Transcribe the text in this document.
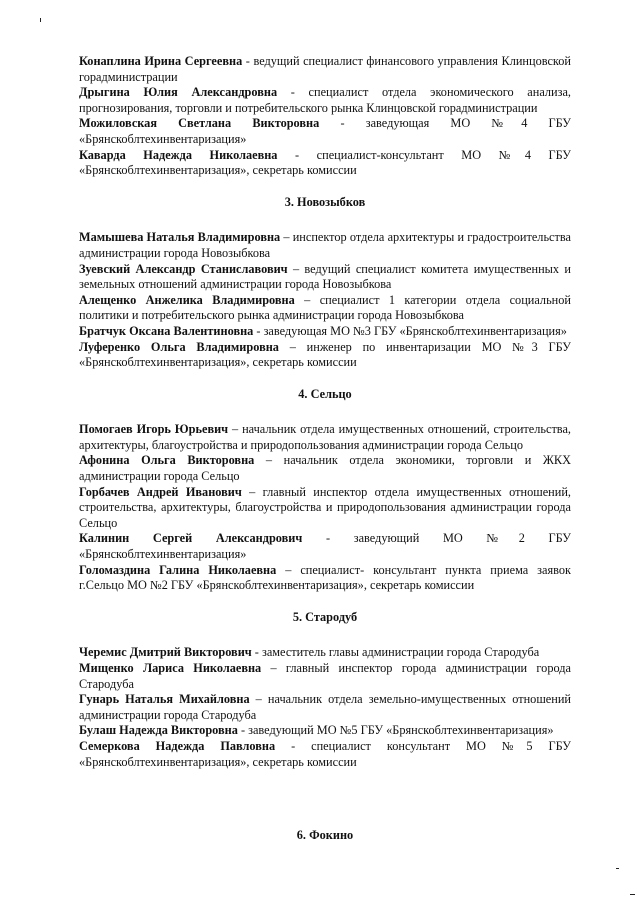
Конаплина Ирина Сергеевна - ведущий специалист финансового управления Клинцовской горадминистрации

Дрыгина Юлия Александровна - специалист отдела экономического анализа, прогнозирования, торговли и потребительского рынка Клинцовской горадминистрации

Можиловская Светлана Викторовна - заведующая МО №4 ГБУ «Брянскоблтехинвентаризация»

Кавардa Надежда Николаевна - специалист-консультант МО №4 ГБУ «Брянскоблтехинвентаризация», секретарь комиссии

3. Новозыбков

Мамышева Наталья Владимировна – инспектор отдела архитектуры и градостроительства администрации города Новозыбкова

Зуевский Александр Станиславович – ведущий специалист комитета имущественных и земельных отношений администрации города Новозыбкова

Алещенко Анжелика Владимировна – специалист 1 категории отдела социальной политики и потребительского рынка администрации города Новозыбкова

Братчук Оксана Валентиновна - заведующая МО №3 ГБУ «Брянскоблтехинвентаризация»

Луференко Ольга Владимировна – инженер по инвентаризации МО №3 ГБУ «Брянскоблтехинвентаризация», секретарь комиссии

4. Сельцо

Помогаев Игорь Юрьевич – начальник отдела имущественных отношений, строительства, архитектуры, благоустройства и природопользования администрации города Сельцо

Афонина Ольга Викторовна – начальник отдела экономики, торговли и ЖКХ администрации города Сельцо

Горбачев Андрей Иванович – главный инспектор отдела имущественных отношений, строительства, архитектуры, благоустройства и природопользования администрации города Сельцо

Калинин Сергей Александрович - заведующий МО №2 ГБУ «Брянскоблтехинвентаризация»

Голомаздина Галина Николаевна – специалист- консультант пункта приема заявок г.Сельцо МО №2 ГБУ «Брянскоблтехинвентаризация», секретарь комиссии

5. Стародуб

Черемис Дмитрий Викторович - заместитель главы администрации города Стародуба

Мищенко Лариса Николаевна – главный инспектор города администрации города Стародуба

Гунарь Наталья Михайловна – начальник отдела земельно-имущественных отношений администрации города Стародуба

Булаш Надежда Викторовна - заведующий МО №5 ГБУ «Брянскоблтехинвентаризация»

Семеркова Надежда Павловна - специалист консультант МО №5 ГБУ «Брянскоблтехинвентаризация», секретарь комиссии

6. Фокино
